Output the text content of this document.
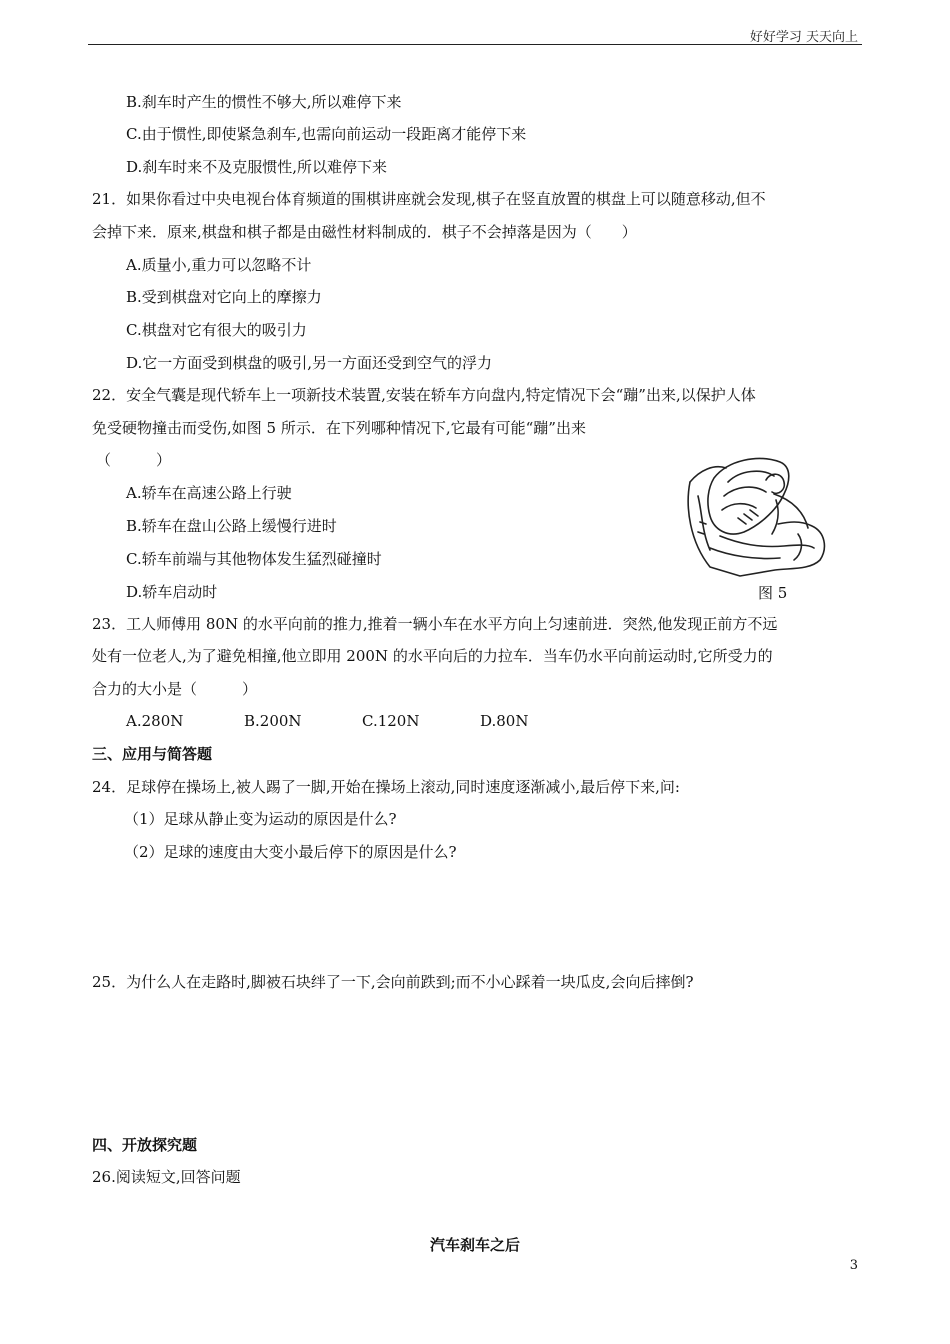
好好学习 天天向上
B.刹车时产生的惯性不够大,所以难停下来
C.由于惯性,即使紧急刹车,也需向前运动一段距离才能停下来
D.刹车时来不及克服惯性,所以难停下来
21．如果你看过中央电视台体育频道的围棋讲座就会发现,棋子在竖直放置的棋盘上可以随意移动,但不
会掉下来．原来,棋盘和棋子都是由磁性材料制成的．棋子不会掉落是因为（　　）
A.质量小,重力可以忽略不计
B.受到棋盘对它向上的摩擦力
C.棋盘对它有很大的吸引力
D.它一方面受到棋盘的吸引,另一方面还受到空气的浮力
22．安全气囊是现代轿车上一项新技术装置,安装在轿车方向盘内,特定情况下会“蹦”出来,以保护人体
免受硬物撞击而受伤,如图 5 所示．在下列哪种情况下,它最有可能“蹦”出来
（　　　）
A.轿车在高速公路上行驶
B.轿车在盘山公路上缓慢行进时
C.轿车前端与其他物体发生猛烈碰撞时
D.轿车启动时	图 5
23．工人师傅用 80N 的水平向前的推力,推着一辆小车在水平方向上匀速前进．突然,他发现正前方不远
处有一位老人,为了避免相撞,他立即用 200N 的水平向后的力拉车．当车仍水平向前运动时,它所受力的
合力的大小是（　　　）
A.280N	B.200N	C.120N	D.80N
三、应用与简答题
24．足球停在操场上,被人踢了一脚,开始在操场上滚动,同时速度逐渐减小,最后停下来,问:
（1）足球从静止变为运动的原因是什么?
（2）足球的速度由大变小最后停下的原因是什么?
25．为什么人在走路时,脚被石块绊了一下,会向前跌到;而不小心踩着一块瓜皮,会向后摔倒?
四、开放探究题
26.阅读短文,回答问题
汽车刹车之后
3
